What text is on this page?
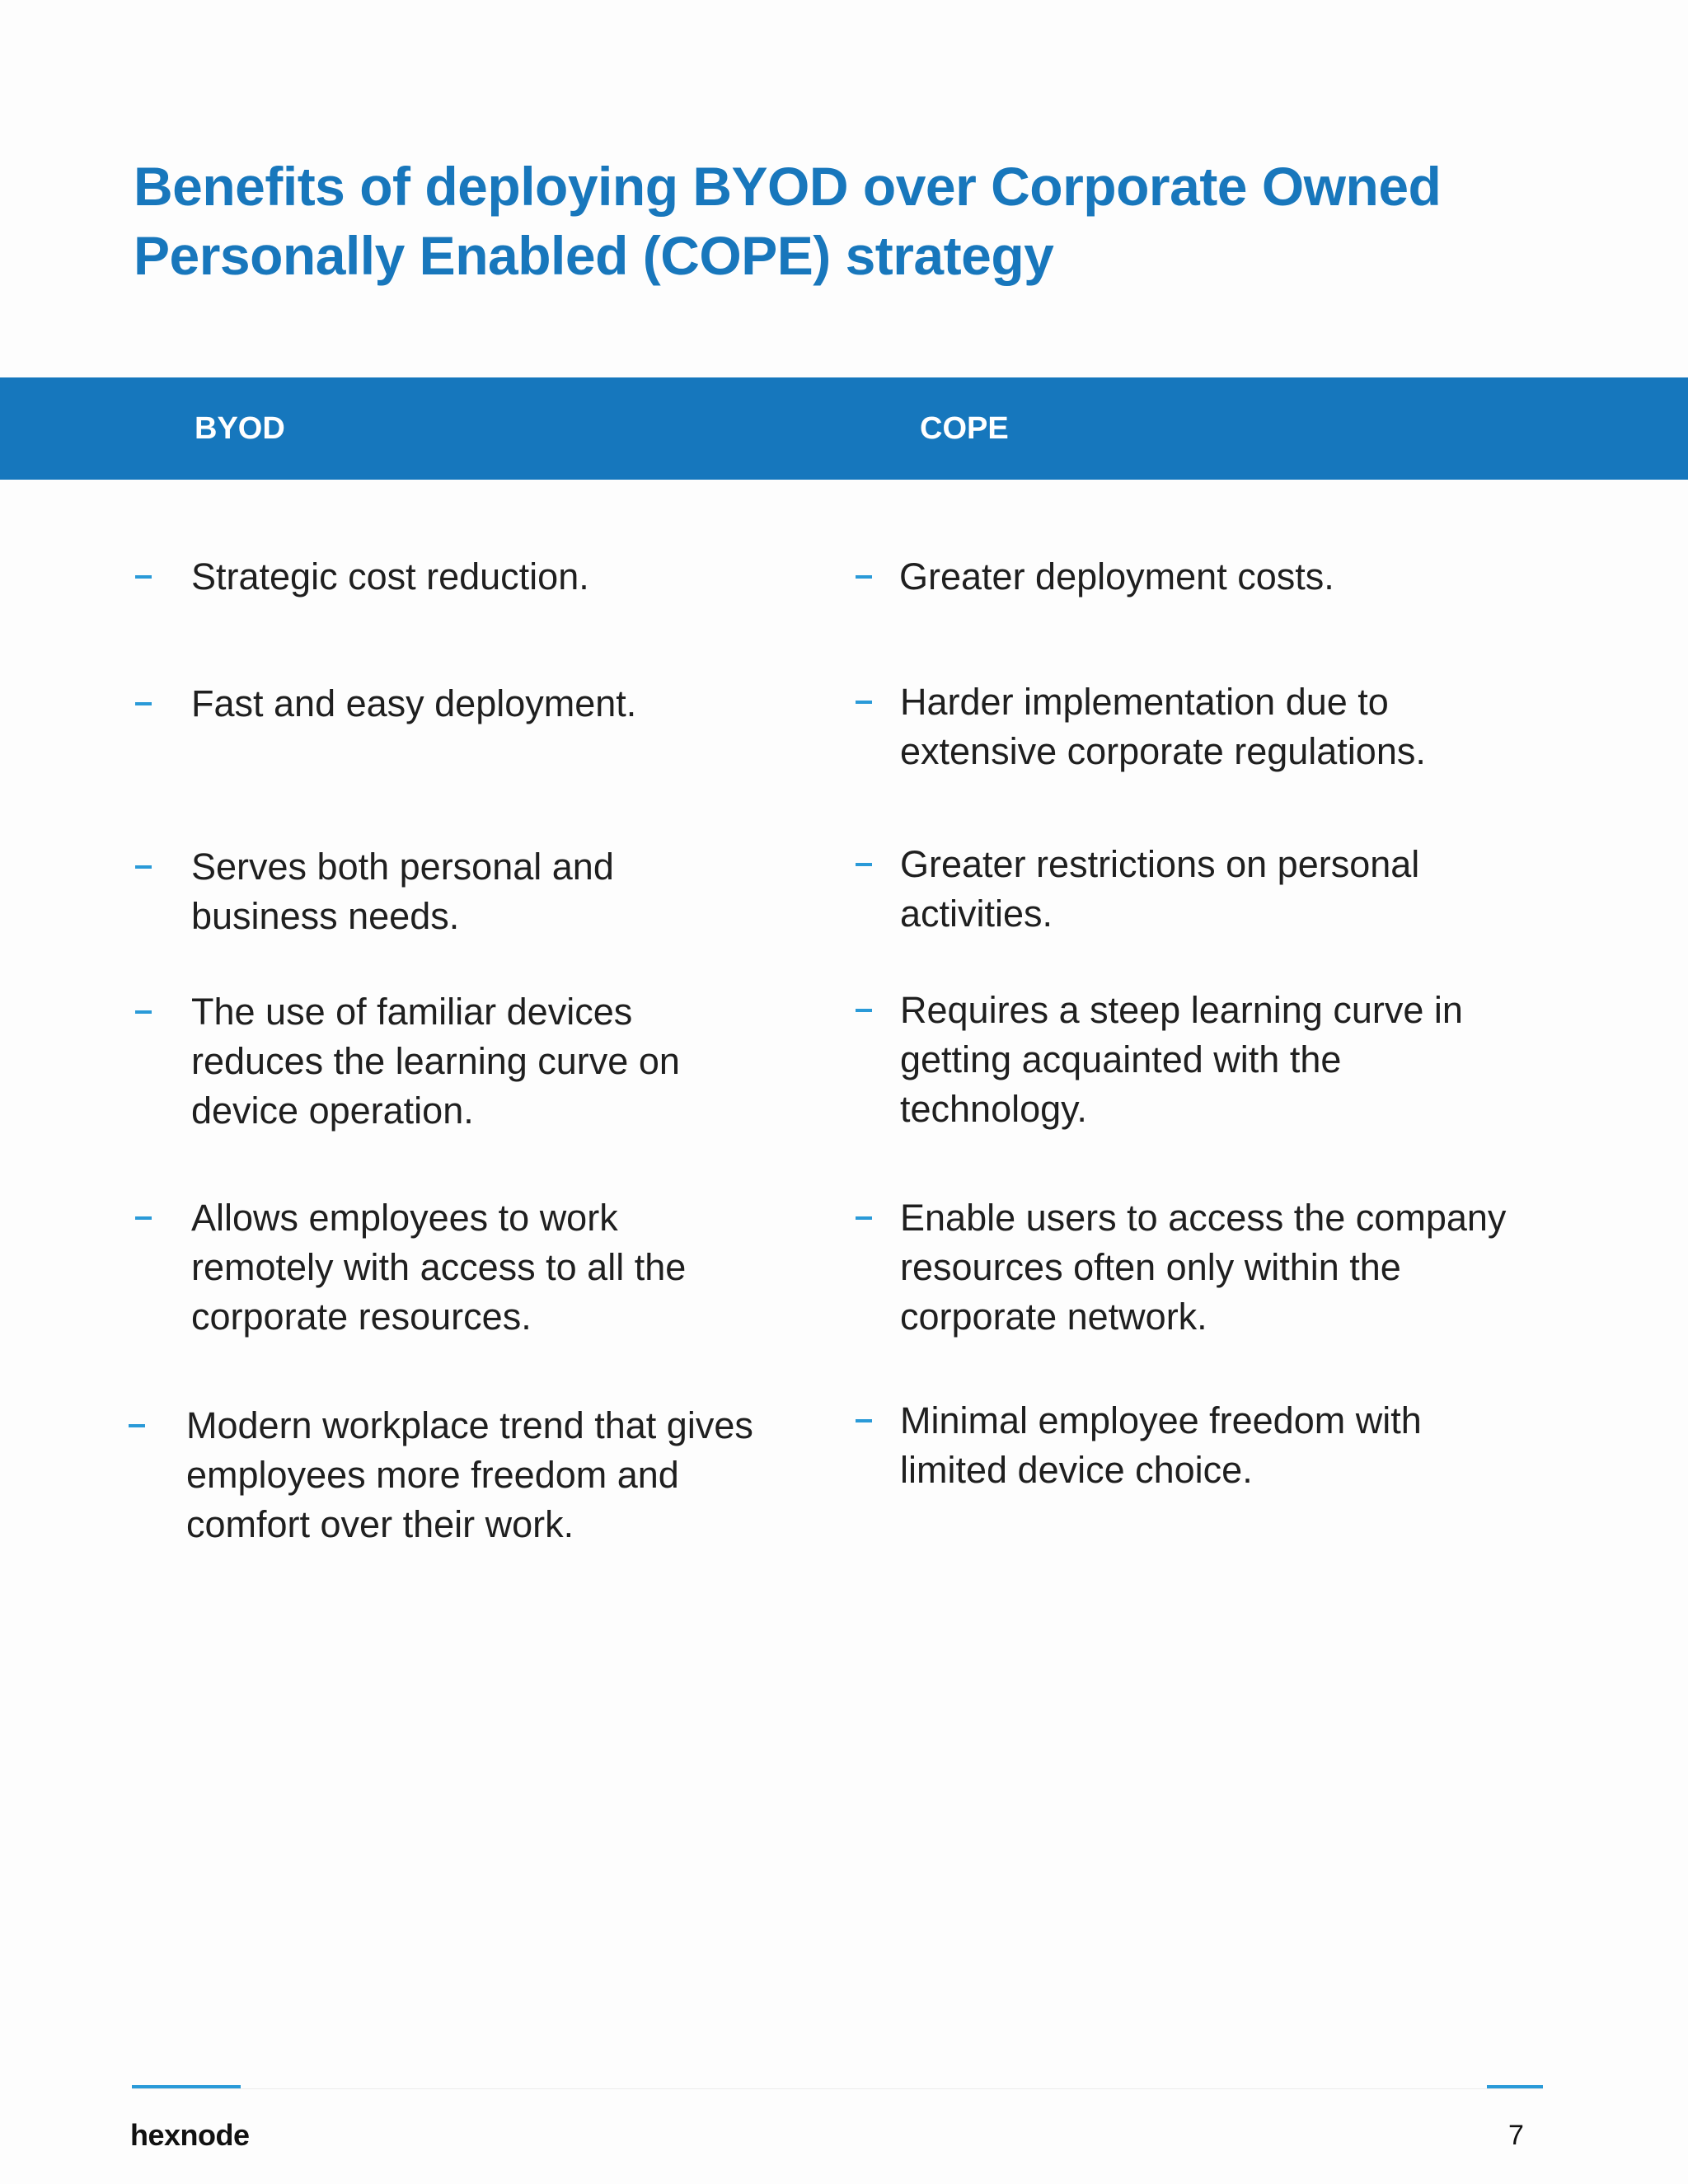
Benefits of deploying BYOD over Corporate Owned Personally Enabled (COPE) strategy
BYOD	COPE
Strategic cost reduction.
Fast and easy deployment.
Serves both personal and business needs.
The use of familiar devices reduces the learning curve on device operation.
Allows employees to work remotely with access to all the corporate resources.
Modern workplace trend that gives employees more freedom and comfort over their work.
Greater deployment costs.
Harder implementation due to extensive corporate regulations.
Greater restrictions on personal activities.
Requires a steep learning curve in getting acquainted with the technology.
Enable users to access the company resources often only within the corporate network.
Minimal employee freedom with limited device choice.
hexnode	7
